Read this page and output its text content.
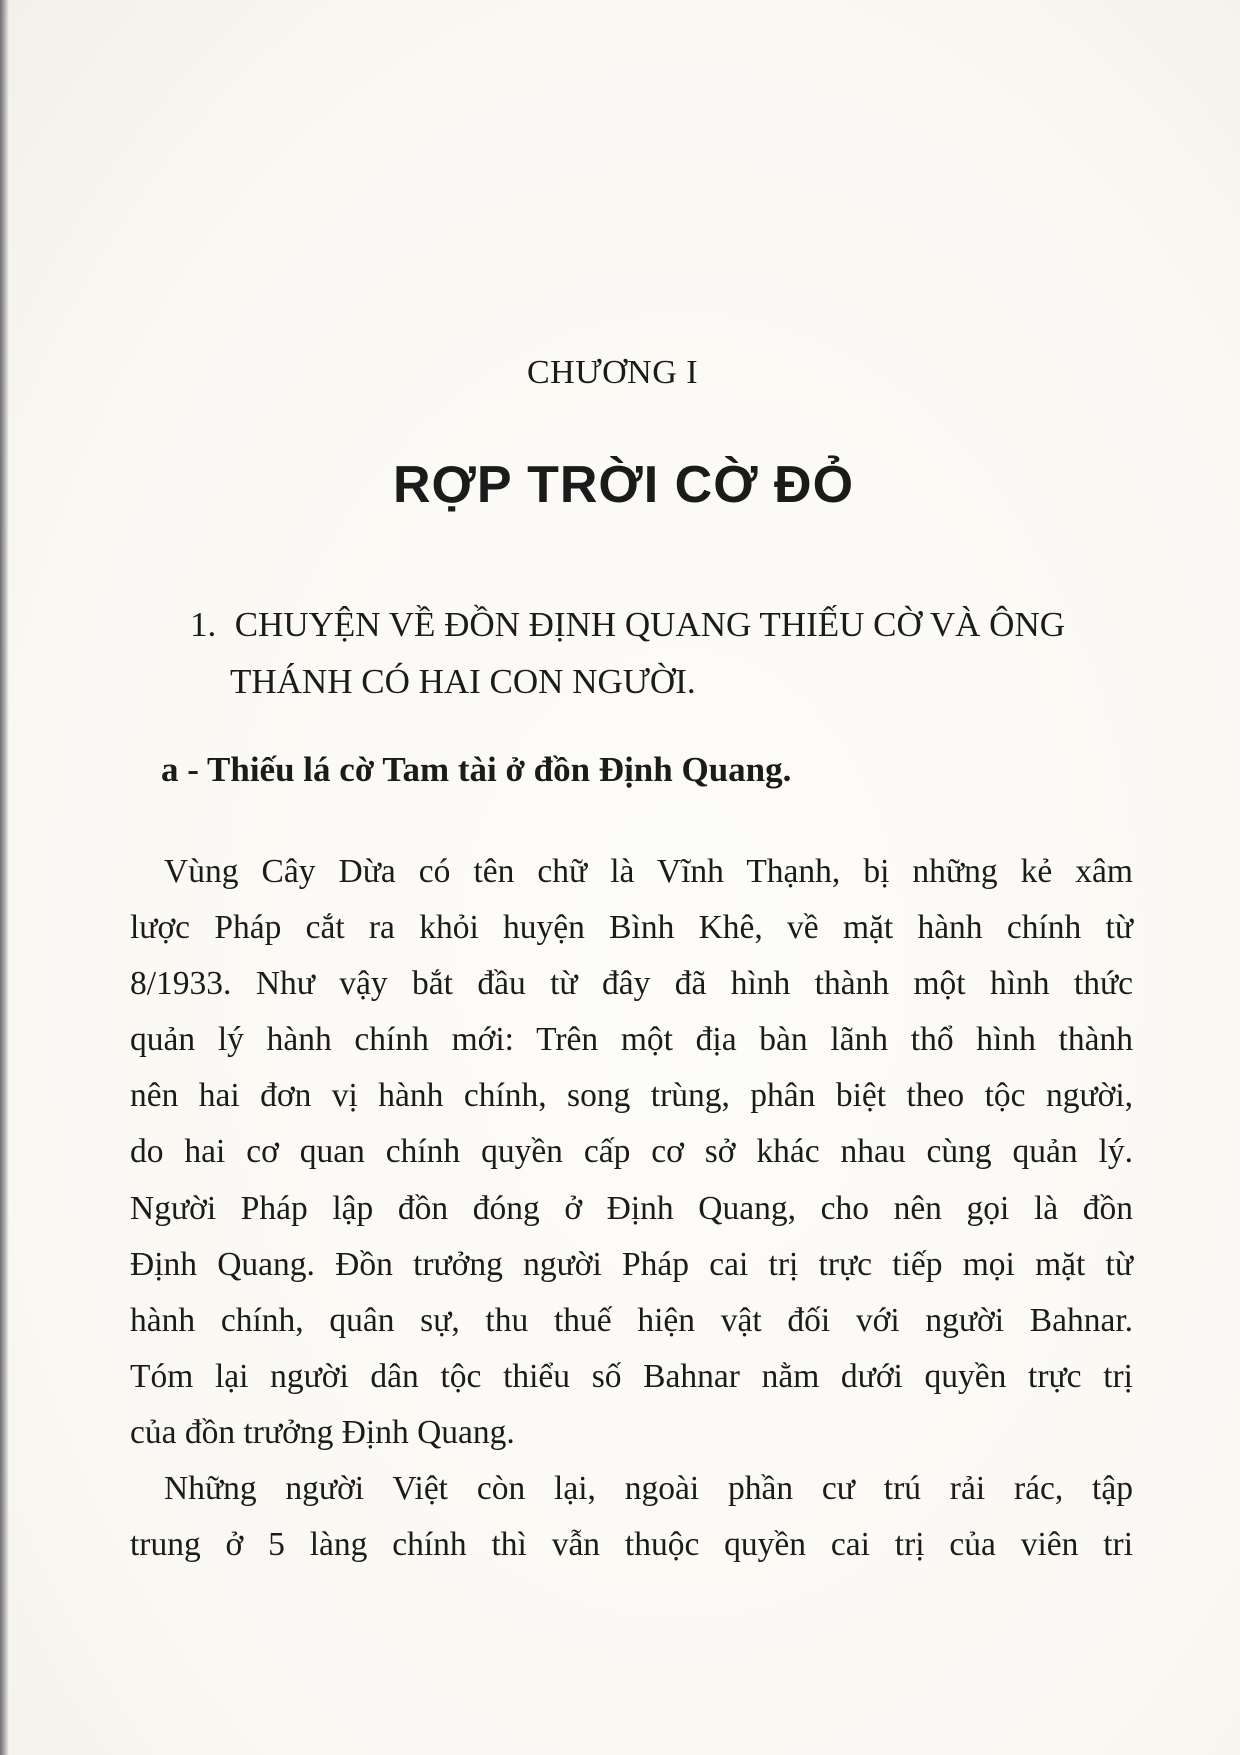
CHƯƠNG I
RỢP TRỜI CỜ ĐỎ
1. CHUYỆN VỀ ĐỒN ĐỊNH QUANG THIẾU CỜ VÀ ÔNG
THÁNH CÓ HAI CON NGƯỜI.
a - Thiếu lá cờ Tam tài ở đồn Định Quang.

Vùng Cây Dừa có tên chữ là Vĩnh Thạnh, bị những kẻ xâm
lược Pháp cắt ra khỏi huyện Bình Khê, về mặt hành chính từ
8/1933. Như vậy bắt đầu từ đây đã hình thành một hình thức
quản lý hành chính mới: Trên một địa bàn lãnh thổ hình thành
nên hai đơn vị hành chính, song trùng, phân biệt theo tộc người,
do hai cơ quan chính quyền cấp cơ sở khác nhau cùng quản lý.
Người Pháp lập đồn đóng ở Định Quang, cho nên gọi là đồn
Định Quang. Đồn trưởng người Pháp cai trị trực tiếp mọi mặt từ
hành chính, quân sự, thu thuế hiện vật đối với người Bahnar.
Tóm lại người dân tộc thiểu số Bahnar nằm dưới quyền trực trị
của đồn trưởng Định Quang.

Những người Việt còn lại, ngoài phần cư trú rải rác, tập
trung ở 5 làng chính thì vẫn thuộc quyền cai trị của viên tri
